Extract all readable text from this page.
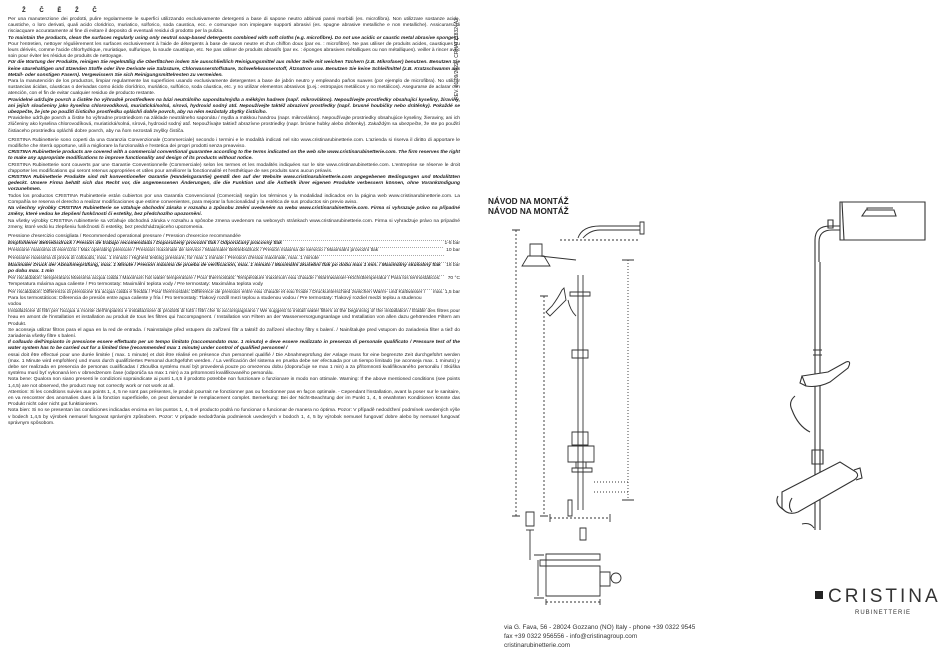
Ž Č Ě Ž Č

Per una manutenzione dei prodotti, pulire regolarmente le superfici utilizzando esclusivamente detergenti a base di sapone neutro abbinati panni morbidi (es. microfibra). Non utilizzare sostanze acide, caustiche, o loro derivati, quali acido cloridrico, muriatico, solforico, soda caustica, ecc. e comunque non impiegare supporti abrasivi (es. spugne abrasive metalliche e non metalliche). Assicurarsi di risciacquare accuratamente al fine di evitare il deposito di eventuali residui di prodotto per la pulizia.

To maintain the products, clean the surfaces regularly using only neutral soap-based detergents combined with soft cloths (e.g. microfibre). Do not use acidic or caustic metal abrasive sponges).

Pour l'entretien, nettoyer régulièrement les surfaces exclusivement à l'aide de détergents à base de savon neutre et d'un chiffon doux (par ex. : microfibre). Ne pas utiliser de produits acides, caustiques ou leurs dérivés, comme l'acide chlorhydrique, muriatique, sulfurique, la soude caustique, etc. Ne pas utiliser de produits abrasifs (par ex. : éponges abrasives métalliques ou non métalliques). veiller à rincer avec soin pour éviter les résidus de produits de nettoyage.

Für die Wartung der Produkte, reinigen Sie regelmäßig die Oberflächen indem Sie ausschließlich Reinigungsmittel aus milder Seife mit weichen Tüchern (z.B. Mikrofaser) benutzen. Benutzen Sie keine säurehaltigen und ätzenden Stoffe oder ihre Derivate wie Salzsäure, Chlorwasserstoffsäure, Schwefelwasserstoff, Ätznatron usw. Benutzen Sie keine Schleifmittel (z.B. Kratzschwamm aus Metall- oder sonstigen Fasern). Vergewissern Sie sich Reinigungsmittelresten zu vermeiden.

Para la manutención de los productos, limpiar regularmente las superficies usando exclusivamente detergentes a base de jabón neutro y empleando paños suaves (por ejemplo de microfibra). No utilizar sustancias ácidas, cáusticas o derivadas como ácido clorídrico, muriático, sulfúrico, soda cáustica, etc. y no utilizar elementos abrasivos (p.ej.: estropajos metálicos y no metálicos). Asegurarse de aclarar con atención, con el fin de evitar cualquier residuo de producto restante.

Pravidelné udržujte povrch a čistěte ho výhradně prostředkem na bázi neutrálního saponátu/mýdla a měkkým hadrem (např. mikrovlákno). Nepoužívejte prostředky obsahující kyseliny, žíraviny, ani jejich sloučeniny jako kyselina chlorovodíková, muriatická/solná, sírová, hydroxid sodný atd. Nepoužívejte taktéž abrazivní prostředky (např. brusné houbičky nebo drátěnky). Pokaždé se ubezpečte, že jste po použití čisticího prostředku opláchli dobře povrch, aby na něm nezůstaly zbytky čisticího.

Pravidelne udržujte povrch a čistite ho výhradne prostriedkom na základe neutrálneho saponátu / mydla a mäkkou handrou (napr. mikrovlákno). Nepoužívajte prostriedky obsahujúce kyseliny, žieraviny, ani ich zlúčeniny ako kyselina chlorovodíková, muriatická/solná, sírová, hydroxid sodný atď. Nepoužívajte taktiež abrazívne prostriedky (napr. brúsne hubky alebo drôtenky). Zakaždým sa ubezpečte, že ste po použití čistiaceho prostriedku opláchli dobre povrch, aby na ňom nezostali zvyšky čističa.

CRISTINA Rubinetterie sono coperti da una Garanzia Convenzionale (Commerciale) secondo i termini e le modalità indicati nel sito www.cristinarubinetterie.com. L'azienda si riserva il diritto di apportare le modifiche che riterrà opportune, utili a migliorare la funzionalità e l'estetica dei propri prodotti senza preavviso.

CRISTINA Rubinetterie products are covered with a commercial conventional guarantee according to the terms indicated on the web site www.cristinarubinetterie.com. The firm reserves the right to make any appropriate modifications to improve functionality and design of its products without notice.

CRISTINA Rubinetterie sont couverts par une Garantie Conventionnelle (Commerciale) selon les termes et les modalités indiquées sur le site www.cristinarubinetterie.com. L'entreprise se réserve le droit d'apporter les modifications qui seront retenus appropriées et utiles pour améliorer la fonctionnalité et l'esthétique de ses produits sans aucun préavis.

CRISTINA Rubinetterie Produkte sind mit konventioneller Garantie (Handelsgarantie) gemäß den auf der Website www.cristinarubinetterie.com angegebenen Bedingungen und Modalitäten gedeckt. Unsere Firma behält sich das Recht vor, die angemessenen Änderungen, die die Funktion und die Ästhetik ihrer eigenen Produkte verbessern können, ohne Vorankündigung vorzunehmen.

Todos los productos CRISTINA Rubinetterie están cubiertos por una Garantía Convencional (Comercial) según los términos y la modalidad indicados en la página web www.cristinarubinetterie.com. La Compañía se reserva el derecho a realizar modificaciones que estime convenientes, para mejorar la funcionalidad y la estética de sus productos sin previo aviso.

Na všechny výrobky CRISTINA Rubinetterie se vztahuje obchodní záruka v rozsahu a způsobu změní uvedeném na webu www.cristinarubinetterie.com. Firma si vyhrazuje právo na případné změny, které vedou ke zlepšení funkčnosti či estetiky, bez předchozího upozornění.

Na všetky výrobky CRISTINA rubinetterie sa vzťahuje obchodná záruka v rozsahu a spôsobe zmena uvedenom na webovych stránkach www.cristinarubinetterie.com. Firma si vyhradzuje právo na prípadné zmeny, ktoré vedú ku zlepšeniu funkčnosti či estetiky, bez predchádzajúceho upozornenia.

Pressione d'esercizio consigliata / Recommended operational pressure / Pression d'exercice recommandée
Empfohlener Betriebsdruck / Presión de trabajo recomendada / Doporučený provozní tlak / Odporúčaný pracovný tlak	1-5 bar
Pressione massima di esercizio / Max operating pressure / Pression maximale de service / Maximaler Betriebsdruck / Presión máxima de servicio / Maximální provozní tlak	10 bar
Pressione massima di prova di collaudo, max. 1 minuto / Highest testing pressure, for max 1 minute / Pression d'essai maximale, max. 1 minute
Maximaler Druck der Abnahmeprüfung, max. 1 Minute / Presión máxima de prueba de verificación, max. 1 minuto / Maximální zkušební tlak po dobu max 1 min. / Maximálny skúšobný tlak po dobu max. 1 min
16 bar
Per riscaldatori: temperatura Massima acqua calda / Maximum hot water temperature / Pour thermostats: Température maximum eau chaude / Warmwasser-Höchsttemperatur / Para los termostáticos: Temperatura máxima agua caliente / Pro termostaty: Maximální teplota vody / Pre termostaty: Maximálna teplota vody
70 °C
Per riscaldatori: Differenza di pressione tra acqua calda e fredda / Pour thermostats: Différence de pression entre eau chaude et eau froide / Druckunterschied zwischen Warm- und Kaltwasser / Para los termostáticos: Diferencia de presión entre agua caliente y fría / Pro termostaty: Tlakový rozdíl mezi teplou a studenou vodou / Pre termostaty: Tlakový rozdiel medzi teplou a studenou vodou
max. 1,5 bar

Installazione di filtri per l'acqua a monte dell'impianto e installazione di prodotti di tutti i filtri che lo accompagnano / We suggest to install water filters at the beginning of the installation / Établir des filtres pour l'eau en amont de l'installation et installation au produit de tous les filtres qui l'accompagnent. / Installation von Filtern an der Wasserversorgungsanlage und Installation von allen dazu gehörenden Filtern am Produkt.

Se aconseja utilizar filtros para el agua en la red de entrada. / Nainstalujte před vstupem do zařízení filtr a taktéž do zařízení všechny filtry s balení. / Nainštalujte pred vstupom do zariadenia filter a tiež do zariadenia všetky filtre s balení.

Il collaudo dell'impianto in pressione essere effettuato per un tempo limitato (raccomandato max. 1 minuto) e deve essere realizzato in presenza di personale qualificato / Pressure test of the water system has to be carried out for a limited time (recommended max 1 minute) under control of qualified personnel /

essai doit être effectué pour une durée limitée ( max. 1 minute) et doit être réalisé en présence d'un personnel qualifié / Die Abnahmeprüfung der Anlage muss für eine begrenzte Zeit durchgeführt werden (max. 1 Minute wird empfohlen) und muss durch qualifiziertes Personal durchgeführt werden. / La verificación del sistema en prueba debe ser efectuada por un tiempo limitado (se aconseja max. 1 minuto) y debe ser realizada en presencia de personas cualificadas / Zkouška systému musí být provedená pouze po omezenou dobu (doporučuje se max 1 min) a za přítomnosti kvalifikovaného personálu / Skúška systému musí byť vykonaná len v obmedzenom čase (odporúča sa max 1 min) a za prítomnosti kvalifikovaného personálu.

Nota bene: Qualora non siano presenti le condizioni sopraindicate ai punti 1,4,5 il prodotto potrebbe non funzionare o funzionare in modo non ottimale. Warning: If the above mentioned conditions (see points 1,4,5) are not observed, the product may not correctly work or not work at all.

Attention: Si les conditions suivies aux points 1, 4, 5 ne sont pas présentes, le produit pourrait ne fonctionner pas ou fonctionner pas en façon optimale. - Cependant l'installation, avant la poser sur le sanitaire, en va rencontrer des anomalies dues à la fonction superficielle, on peut demander le remplacement complet. Bemerkung: Bei der Nicht-Beachtung der im Punkt 1, 4, 5 erwähnten Konditionen könnte das Produkt nicht oder nicht gut funktionieren.

Nota bien: Si no se presentan las condiciones indicadas encima en los puntos 1, 4, 5 el producto podrá no funcionar o funcionar de manera no óptima. Pozor: V případě nedodržení podmínek uvedených výše v bodech 1,4,5 by výrobek nemusel fungovat správným způsobem. Pozor: V prípade nedodržania podmienok uvedených v bodoch 1, 4, 5 by výrobok nemusel fungovať dobre alebo by nemusel fungovať správnym spôsobom.

REV. 01 09/2022 · CRHAT178324A2
NÁVOD NA MONTÁŽ
NÁVOD NA MONTÁŽ
CRISTINA
RUBINETTERIE
via G. Fava, 56 - 28024 Gozzano (NO) Italy - phone +39 0322 9545
fax +39 0322 956556 - info@cristinagroup.com
cristinarubinetterie.com
